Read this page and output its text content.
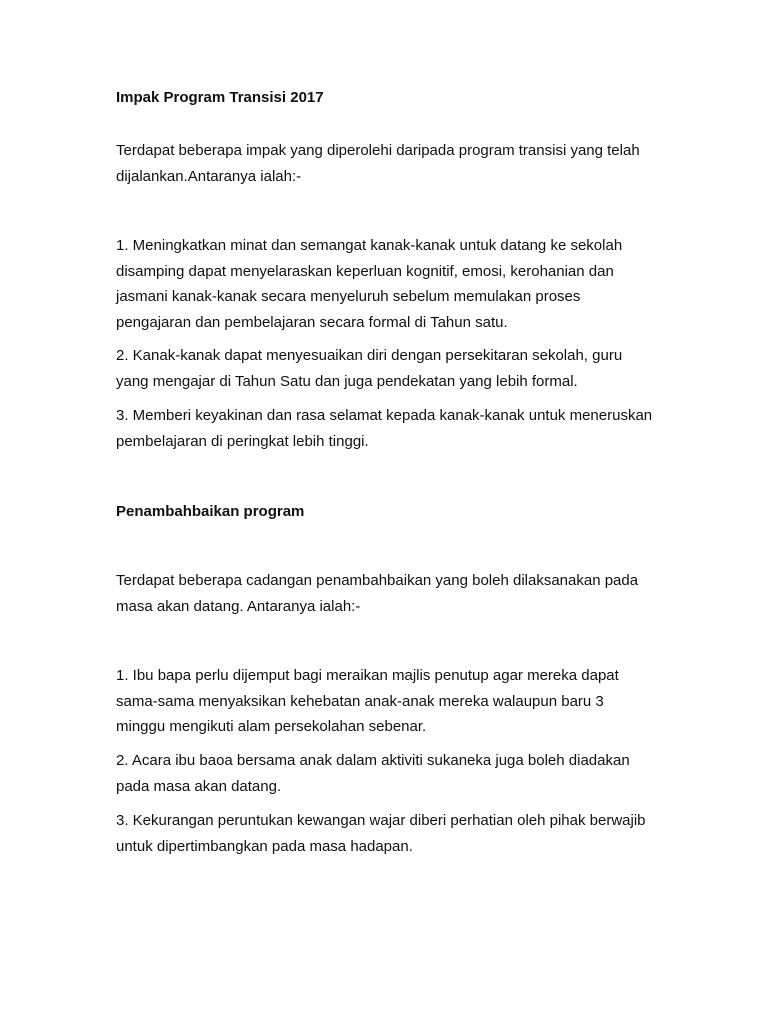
Impak Program Transisi 2017

Terdapat beberapa impak yang diperolehi daripada program transisi yang telah dijalankan.Antaranya ialah:-

1. Meningkatkan minat dan semangat kanak-kanak untuk datang ke sekolah disamping dapat menyelaraskan keperluan kognitif, emosi, kerohanian dan jasmani kanak-kanak secara menyeluruh sebelum memulakan proses pengajaran dan pembelajaran secara formal di Tahun satu.

2. Kanak-kanak dapat menyesuaikan diri dengan persekitaran sekolah, guru yang mengajar di Tahun Satu dan juga pendekatan yang lebih formal.

3. Memberi keyakinan dan rasa selamat kepada kanak-kanak untuk meneruskan pembelajaran di peringkat lebih tinggi.

Penambahbaikan program

Terdapat beberapa cadangan penambahbaikan yang boleh dilaksanakan pada masa akan datang. Antaranya ialah:-

1. Ibu bapa perlu dijemput bagi meraikan majlis penutup agar mereka dapat sama-sama menyaksikan kehebatan anak-anak mereka walaupun baru 3 minggu mengikuti alam persekolahan sebenar.

2. Acara ibu baoa bersama anak dalam aktiviti sukaneka juga boleh diadakan pada masa akan datang.

3. Kekurangan peruntukan kewangan wajar diberi perhatian oleh pihak berwajib untuk dipertimbangkan pada masa hadapan.
